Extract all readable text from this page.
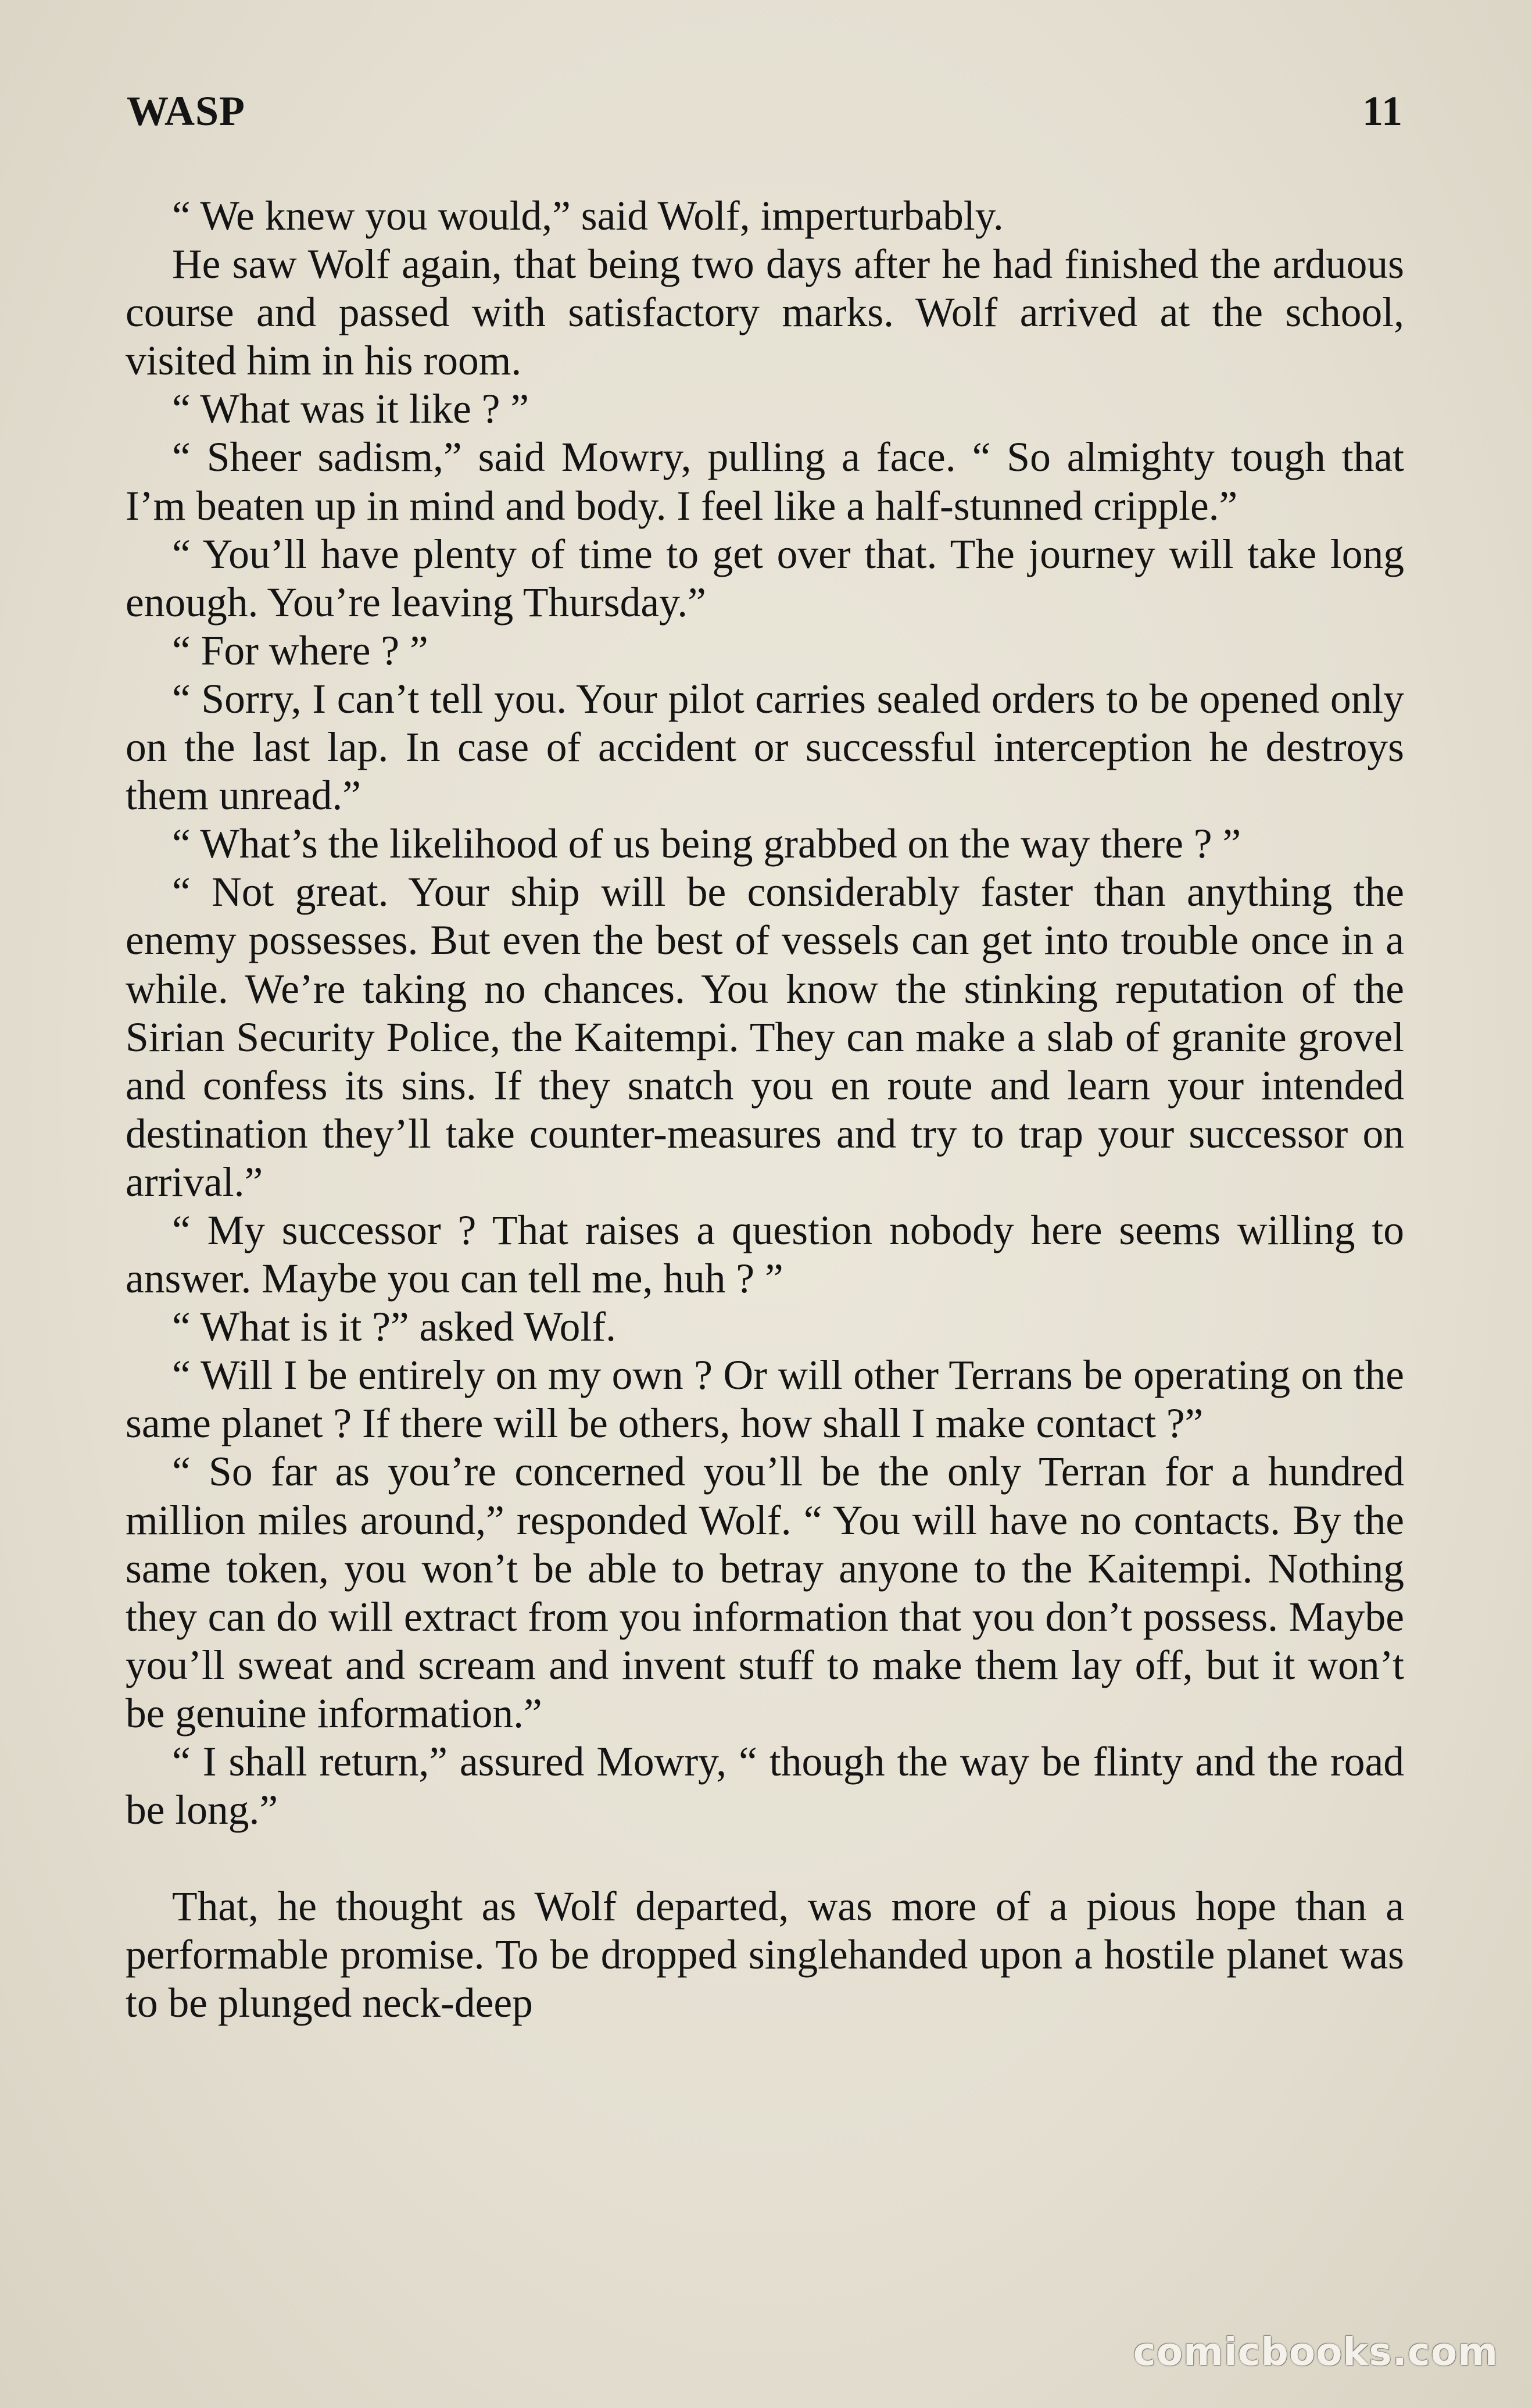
WASP	11

“ We knew you would,” said Wolf, imperturbably.

He saw Wolf again, that being two days after he had finished the arduous course and passed with satisfactory marks. Wolf arrived at the school, visited him in his room.

“ What was it like ? ”

“ Sheer sadism,” said Mowry, pulling a face. “ So almighty tough that I’m beaten up in mind and body. I feel like a half-stunned cripple.”

“ You’ll have plenty of time to get over that. The journey will take long enough. You’re leaving Thursday.”

“ For where ? ”

“ Sorry, I can’t tell you. Your pilot carries sealed orders to be opened only on the last lap. In case of accident or successful interception he destroys them unread.”

“ What’s the likelihood of us being grabbed on the way there ? ”

“ Not great. Your ship will be considerably faster than anything the enemy possesses. But even the best of vessels can get into trouble once in a while. We’re taking no chances. You know the stinking reputation of the Sirian Security Police, the Kaitempi. They can make a slab of granite grovel and confess its sins. If they snatch you en route and learn your intended destination they’ll take counter-measures and try to trap your successor on arrival.”

“ My successor ? That raises a question nobody here seems willing to answer. Maybe you can tell me, huh ? ”

“ What is it ?” asked Wolf.

“ Will I be entirely on my own ? Or will other Terrans be operating on the same planet ? If there will be others, how shall I make contact ?”

“ So far as you’re concerned you’ll be the only Terran for a hundred million miles around,” responded Wolf. “ You will have no contacts. By the same token, you won’t be able to betray anyone to the Kaitempi. Nothing they can do will extract from you information that you don’t possess. Maybe you’ll sweat and scream and invent stuff to make them lay off, but it won’t be genuine information.”

“ I shall return,” assured Mowry, “ though the way be flinty and the road be long.”

That, he thought as Wolf departed, was more of a pious hope than a performable promise. To be dropped singlehanded upon a hostile planet was to be plunged neck-deep

comicbooks.com
